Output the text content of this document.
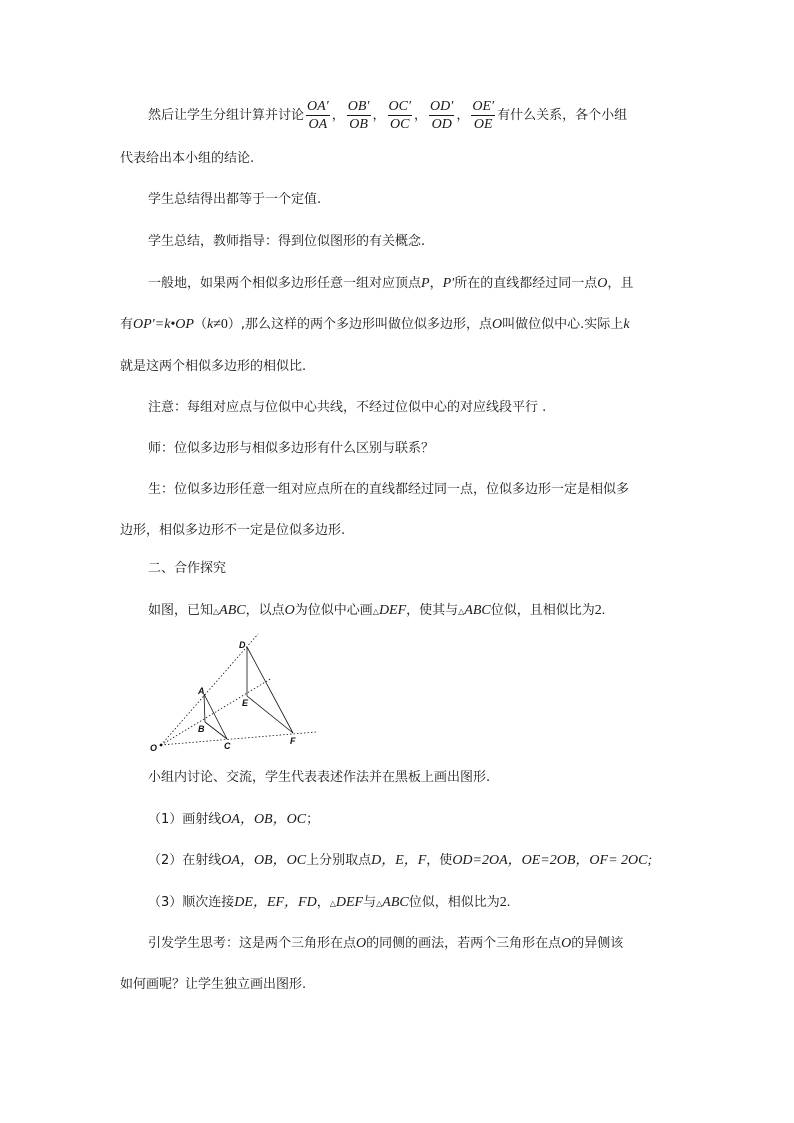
然后让学生分组计算并讨论 $\frac{OA'}{OA}$ ， $\frac{OB'}{OB}$ ， $\frac{OC'}{OC}$ ， $\frac{OD'}{OD}$ ， $\frac{OE'}{OE}$ 有什么关系，各个小组
代表给出本小组的结论.
学生总结得出都等于一个定值.
学生总结，教师指导：得到位似图形的有关概念.
一般地，如果两个相似多边形任意一组对应顶点P，P′所在的直线都经过同一点O，且
有OP′=k•OP（k≠0）,那么这样的两个多边形叫做位似多边形，点O叫做位似中心.实际上k
就是这两个相似多边形的相似比.
注意：每组对应点与位似中心共线，不经过位似中心的对应线段平行 .
师：位似多边形与相似多边形有什么区别与联系？
生：位似多边形任意一组对应点所在的直线都经过同一点，位似多边形一定是相似多
边形，相似多边形不一定是位似多边形.
二、合作探究
如图，已知△ABC，以点O为位似中心画△DEF，使其与△ABC位似，且相似比为2.
O
A
B
C
D
E
F
小组内讨论、交流，学生代表表述作法并在黑板上画出图形.
（1）画射线OA，OB，OC；
（2）在射线OA，OB，OC上分别取点D，E，F，使OD=2OA，OE=2OB，OF= 2OC;
（3）顺次连接DE，EF，FD，△DEF与△ABC位似，相似比为2.
引发学生思考：这是两个三角形在点O的同侧的画法，若两个三角形在点O的异侧该
如何画呢？让学生独立画出图形.
